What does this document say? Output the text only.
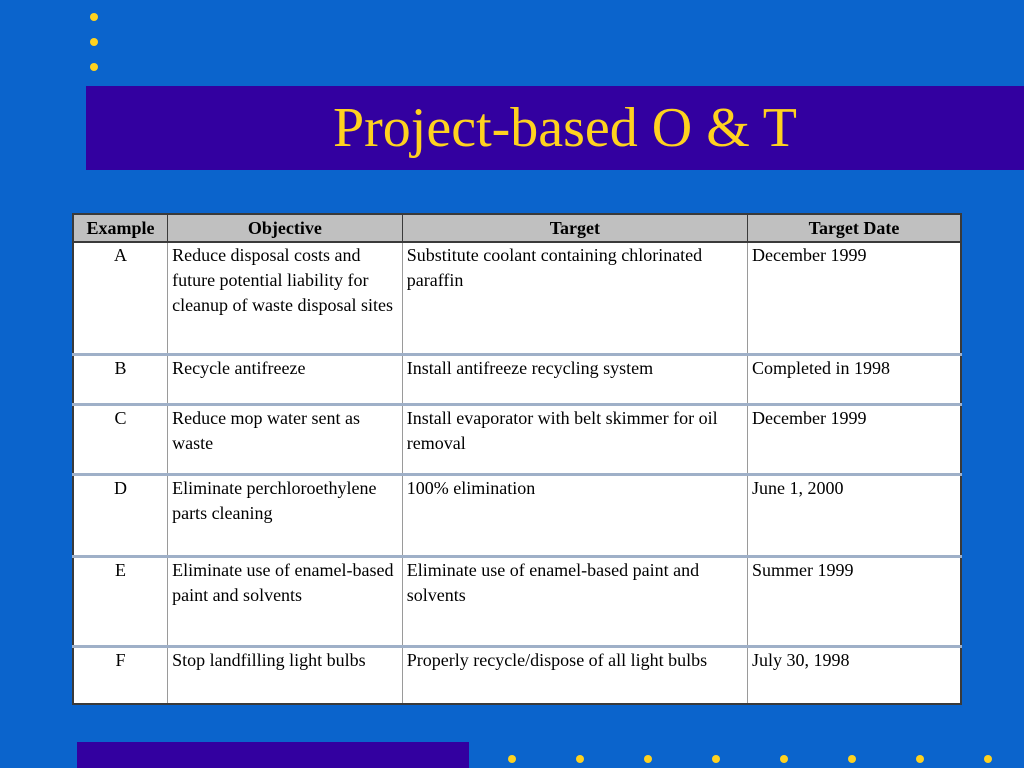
Project-based O & T
Example	Objective	Target	Target Date
A	Reduce disposal costs and future potential liability for cleanup of waste disposal sites	Substitute coolant containing chlorinated paraffin	December 1999
B	Recycle antifreeze	Install antifreeze recycling system	Completed in 1998
C	Reduce mop water sent as waste	Install evaporator with belt skimmer for oil removal	December 1999
D	Eliminate perchloroethylene parts cleaning	100% elimination	June 1, 2000
E	Eliminate use of enamel-based paint and solvents	Eliminate use of enamel-based paint and solvents	Summer 1999
F	Stop landfilling light bulbs	Properly recycle/dispose of all light bulbs	July 30, 1998
